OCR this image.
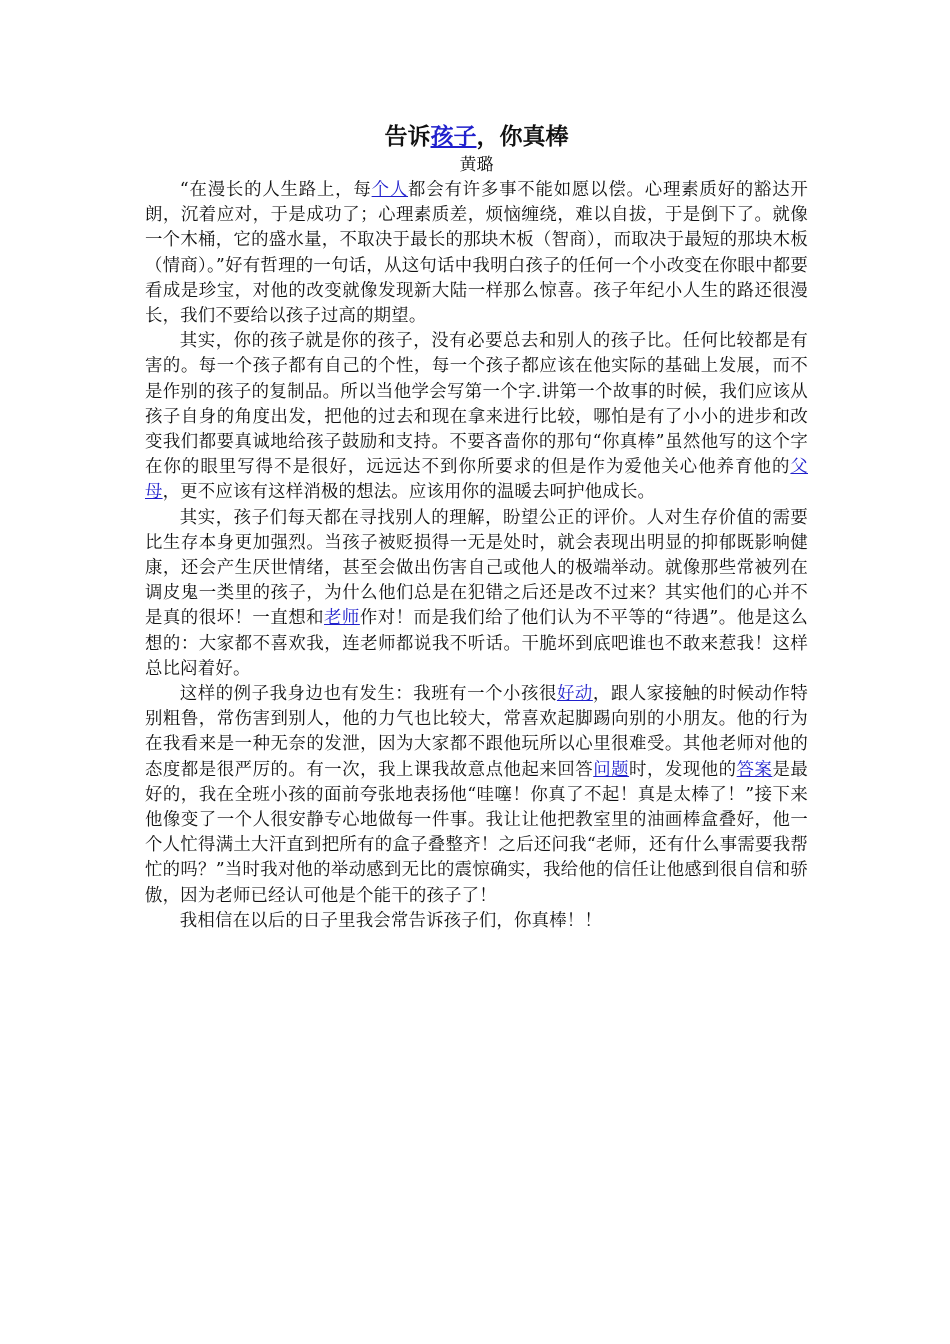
告诉孩子，你真棒

黄璐

“在漫长的人生路上，每个人都会有许多事不能如愿以偿。心理素质好的豁达开朗，沉着应对，于是成功了；心理素质差，烦恼缠绕，难以自拔，于是倒下了。就像一个木桶，它的盛水量，不取决于最长的那块木板（智商），而取决于最短的那块木板（情商）。”好有哲理的一句话，从这句话中我明白孩子的任何一个小改变在你眼中都要看成是珍宝，对他的改变就像发现新大陆一样那么惊喜。孩子年纪小人生的路还很漫长，我们不要给以孩子过高的期望。

其实，你的孩子就是你的孩子，没有必要总去和别人的孩子比。任何比较都是有害的。每一个孩子都有自己的个性，每一个孩子都应该在他实际的基础上发展，而不是作别的孩子的复制品。所以当他学会写第一个字.讲第一个故事的时候，我们应该从孩子自身的角度出发，把他的过去和现在拿来进行比较，哪怕是有了小小的进步和改变我们都要真诚地给孩子鼓励和支持。不要吝啬你的那句“你真棒”虽然他写的这个字在你的眼里写得不是很好，远远达不到你所要求的但是作为爱他关心他养育他的父母，更不应该有这样消极的想法。应该用你的温暖去呵护他成长。

其实，孩子们每天都在寻找别人的理解，盼望公正的评价。人对生存价值的需要比生存本身更加强烈。当孩子被贬损得一无是处时，就会表现出明显的抑郁既影响健康，还会产生厌世情绪，甚至会做出伤害自己或他人的极端举动。就像那些常被列在调皮鬼一类里的孩子，为什么他们总是在犯错之后还是改不过来？其实他们的心并不是真的很坏！一直想和老师作对！而是我们给了他们认为不平等的“待遇”。他是这么想的：大家都不喜欢我，连老师都说我不听话。干脆坏到底吧谁也不敢来惹我！这样总比闷着好。

这样的例子我身边也有发生：我班有一个小孩很好动，跟人家接触的时候动作特别粗鲁，常伤害到别人，他的力气也比较大，常喜欢起脚踢向别的小朋友。他的行为在我看来是一种无奈的发泄，因为大家都不跟他玩所以心里很难受。其他老师对他的态度都是很严厉的。有一次，我上课我故意点他起来回答问题时，发现他的答案是最好的，我在全班小孩的面前夸张地表扬他“哇噻！你真了不起！真是太棒了！”接下来他像变了一个人很安静专心地做每一件事。我让让他把教室里的油画棒盒叠好，他一个人忙得满土大汗直到把所有的盒子叠整齐！之后还问我“老师，还有什么事需要我帮忙的吗？”当时我对他的举动感到无比的震惊确实，我给他的信任让他感到很自信和骄傲，因为老师已经认可他是个能干的孩子了！

我相信在以后的日子里我会常告诉孩子们，你真棒！！
